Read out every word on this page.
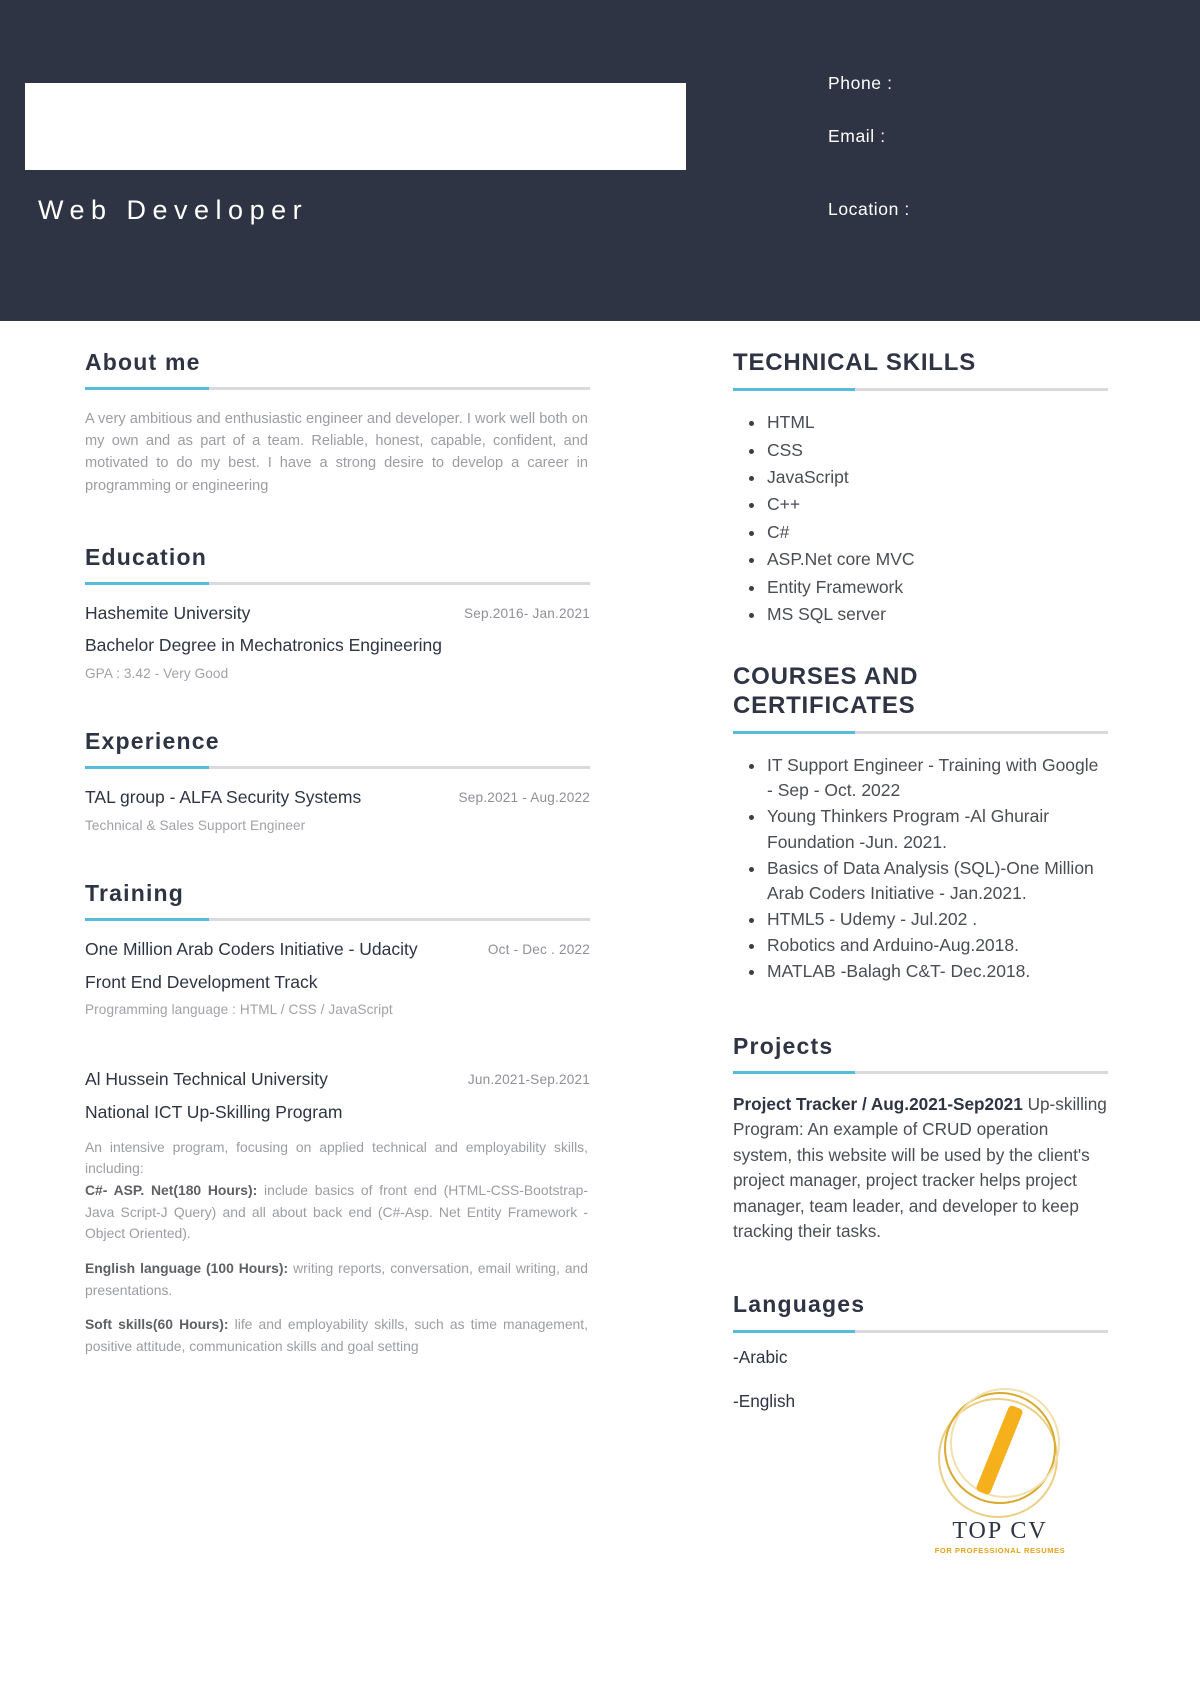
Web Developer
Phone :
Email :
Location :
About me
A very ambitious and enthusiastic engineer and developer. I work well both on my own and as part of a team. Reliable, honest, capable, confident, and motivated to do my best. I have a strong desire to develop a career in programming or engineering
Education
Hashemite University	Sep.2016- Jan.2021
Bachelor Degree in Mechatronics Engineering
GPA : 3.42 - Very Good
Experience
TAL group - ALFA Security Systems	Sep.2021 - Aug.2022
Technical & Sales Support Engineer
Training
One Million Arab Coders Initiative - Udacity	Oct - Dec . 2022
Front End Development Track
Programming language : HTML / CSS / JavaScript
Al Hussein Technical University	Jun.2021-Sep.2021
National ICT Up-Skilling Program
An intensive program, focusing on applied technical and employability skills, including:
C#- ASP. Net(180 Hours): include basics of front end (HTML-CSS-Bootstrap- Java Script-J Query) and all about back end (C#-Asp. Net Entity Framework -Object Oriented).
English language (100 Hours): writing reports, conversation, email writing, and presentations.
Soft skills(60 Hours): life and employability skills, such as time management, positive attitude, communication skills and goal setting
TECHNICAL SKILLS
HTML
CSS
JavaScript
C++
C#
ASP.Net core MVC
Entity Framework
MS SQL server
COURSES AND CERTIFICATES
IT Support Engineer - Training with Google - Sep - Oct. 2022
Young Thinkers Program -Al Ghurair Foundation -Jun. 2021.
Basics of Data Analysis (SQL)-One Million Arab Coders Initiative - Jan.2021.
HTML5 - Udemy - Jul.202 .
Robotics and Arduino-Aug.2018.
MATLAB -Balagh C&T- Dec.2018.
Projects
Project Tracker / Aug.2021-Sep2021 Up-skilling Program: An example of CRUD operation system, this website will be used by the client's project manager, project tracker helps project manager, team leader, and developer to keep tracking their tasks.
Languages
-Arabic
-English
TOP CV
FOR PROFESSIONAL RESUMES
